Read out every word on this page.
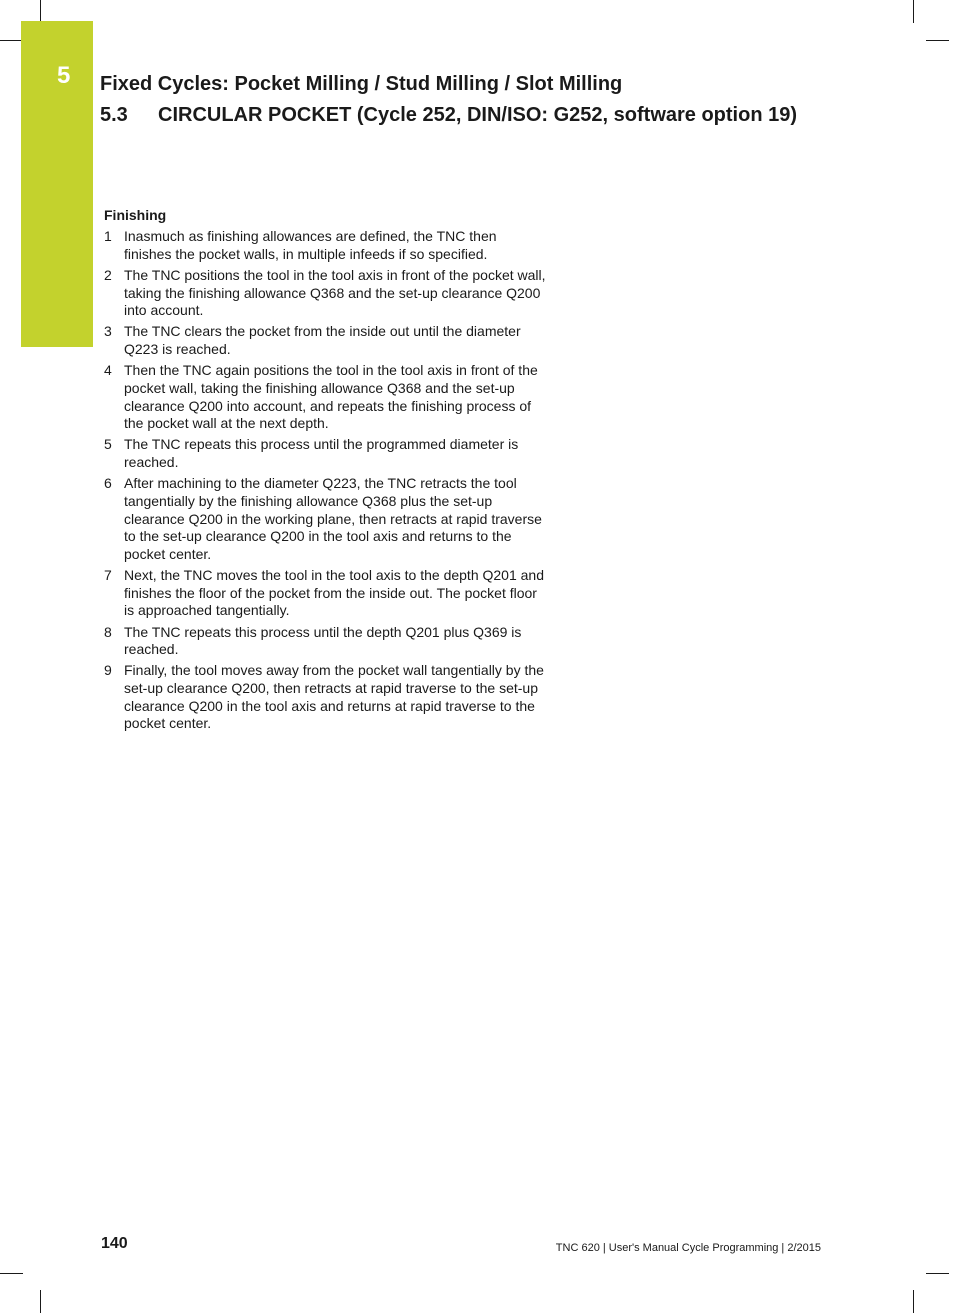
5 Fixed Cycles: Pocket Milling / Stud Milling / Slot Milling
5.3 CIRCULAR POCKET (Cycle 252, DIN/ISO: G252, software option 19)
Finishing
1 Inasmuch as finishing allowances are defined, the TNC then finishes the pocket walls, in multiple infeeds if so specified.
2 The TNC positions the tool in the tool axis in front of the pocket wall, taking the finishing allowance Q368 and the set-up clearance Q200 into account.
3 The TNC clears the pocket from the inside out until the diameter Q223 is reached.
4 Then the TNC again positions the tool in the tool axis in front of the pocket wall, taking the finishing allowance Q368 and the set-up clearance Q200 into account, and repeats the finishing process of the pocket wall at the next depth.
5 The TNC repeats this process until the programmed diameter is reached.
6 After machining to the diameter Q223, the TNC retracts the tool tangentially by the finishing allowance Q368 plus the set-up clearance Q200 in the working plane, then retracts at rapid traverse to the set-up clearance Q200 in the tool axis and returns to the pocket center.
7 Next, the TNC moves the tool in the tool axis to the depth Q201 and finishes the floor of the pocket from the inside out. The pocket floor is approached tangentially.
8 The TNC repeats this process until the depth Q201 plus Q369 is reached.
9 Finally, the tool moves away from the pocket wall tangentially by the set-up clearance Q200, then retracts at rapid traverse to the set-up clearance Q200 in the tool axis and returns at rapid traverse to the pocket center.
140	TNC 620 | User's Manual Cycle Programming | 2/2015
